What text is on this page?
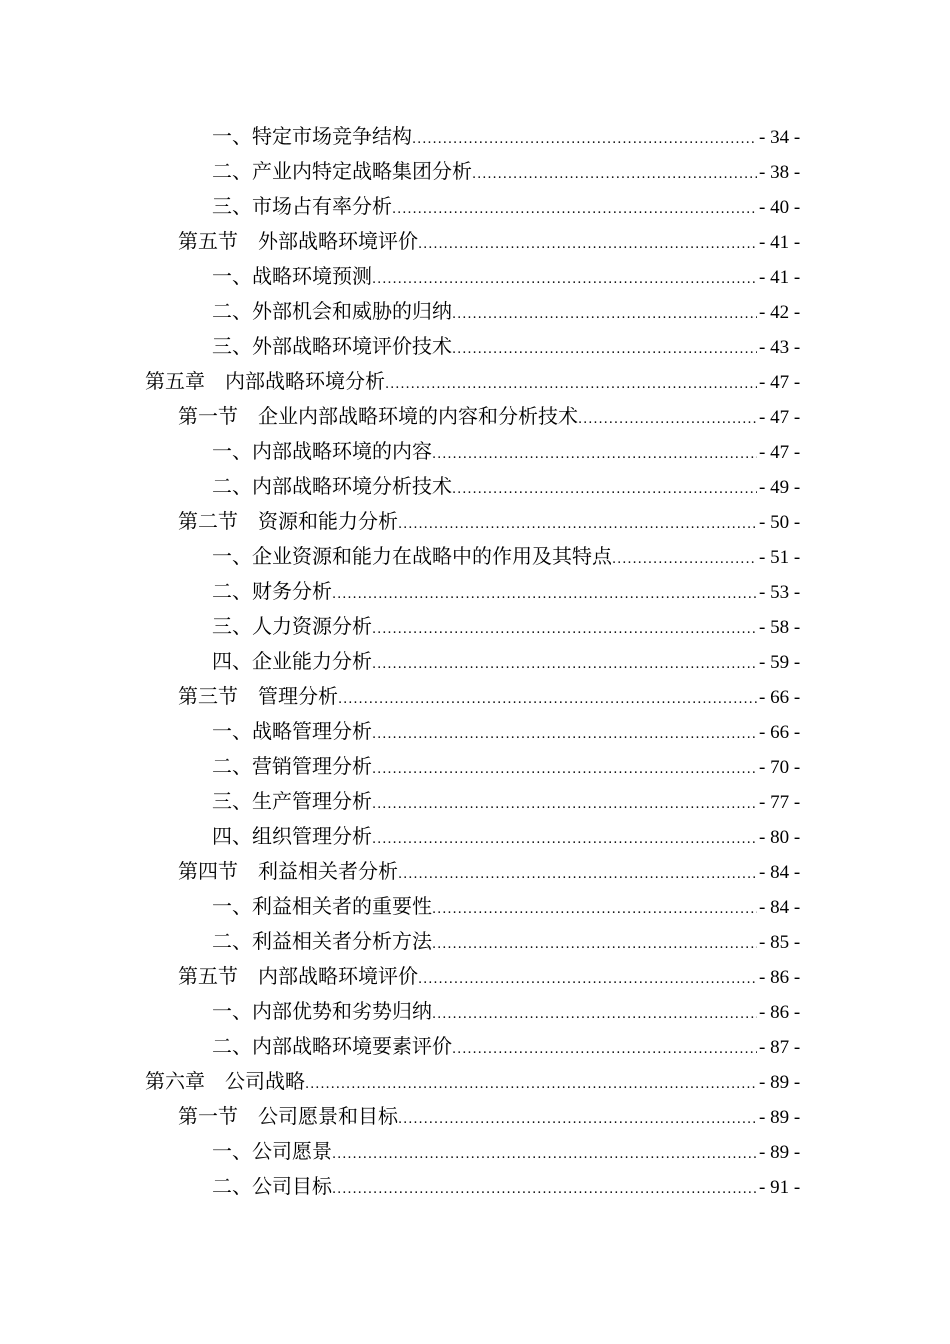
一、特定市场竞争结构 .....	- 34 -
二、产业内特定战略集团分析 .....	- 38 -
三、市场占有率分析 .....	- 40 -
第五节　外部战略环境评价 .....	- 41 -
一、战略环境预测 .....	- 41 -
二、外部机会和威胁的归纳 .....	- 42 -
三、外部战略环境评价技术 .....	- 43 -
第五章　内部战略环境分析 .....	- 47 -
第一节　企业内部战略环境的内容和分析技术 .....	- 47 -
一、内部战略环境的内容 .....	- 47 -
二、内部战略环境分析技术 .....	- 49 -
第二节　资源和能力分析 .....	- 50 -
一、企业资源和能力在战略中的作用及其特点 .....	- 51 -
二、财务分析 .....	- 53 -
三、人力资源分析 .....	- 58 -
四、企业能力分析 .....	- 59 -
第三节　管理分析 .....	- 66 -
一、战略管理分析 .....	- 66 -
二、营销管理分析 .....	- 70 -
三、生产管理分析 .....	- 77 -
四、组织管理分析 .....	- 80 -
第四节　利益相关者分析 .....	- 84 -
一、利益相关者的重要性 .....	- 84 -
二、利益相关者分析方法 .....	- 85 -
第五节　内部战略环境评价 .....	- 86 -
一、内部优势和劣势归纳 .....	- 86 -
二、内部战略环境要素评价 .....	- 87 -
第六章　公司战略 .....	- 89 -
第一节　公司愿景和目标 .....	- 89 -
一、公司愿景 .....	- 89 -
二、公司目标 .....	- 91 -
